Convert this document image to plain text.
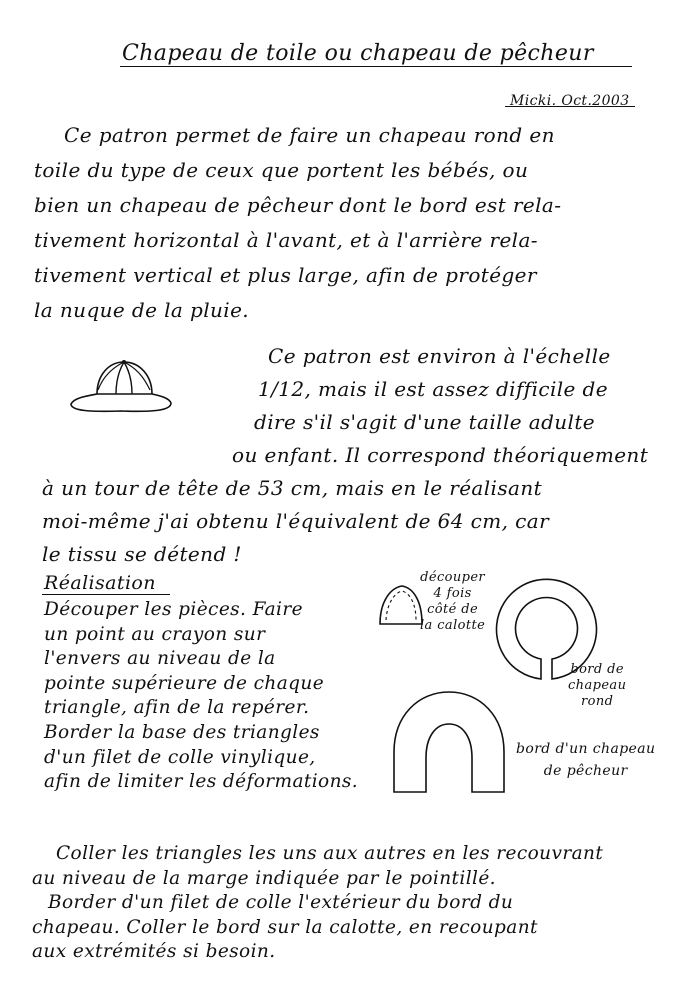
Chapeau de toile ou chapeau de pêcheur
Micki. Oct.2003
Ce patron permet de faire un chapeau rond en
toile du type de ceux que portent les bébés, ou
bien un chapeau de pêcheur dont le bord est rela-
tivement horizontal à l'avant, et à l'arrière rela-
tivement vertical et plus large, afin de protéger
la nuque de la pluie.
Ce patron est environ à l'échelle
1/12, mais il est assez difficile de
dire s'il s'agit d'une taille adulte
ou enfant. Il correspond théoriquement
à un tour de tête de 53 cm, mais en le réalisant
moi-même j'ai obtenu l'équivalent de 64 cm, car
le tissu se détend !
Réalisation
Découper les pièces. Faire
un point au crayon sur
l'envers au niveau de la
pointe supérieure de chaque
triangle, afin de la repérer.
Border la base des triangles
d'un filet de colle vinylique,
afin de limiter les déformations.
découper
4 fois
côté de
la calotte
bord de
chapeau
rond
bord d'un chapeau
de pêcheur
Coller les triangles les uns aux autres en les recouvrant
au niveau de la marge indiquée par le pointillé.
Border d'un filet de colle l'extérieur du bord du
chapeau. Coller le bord sur la calotte, en recoupant
aux extrémités si besoin.
